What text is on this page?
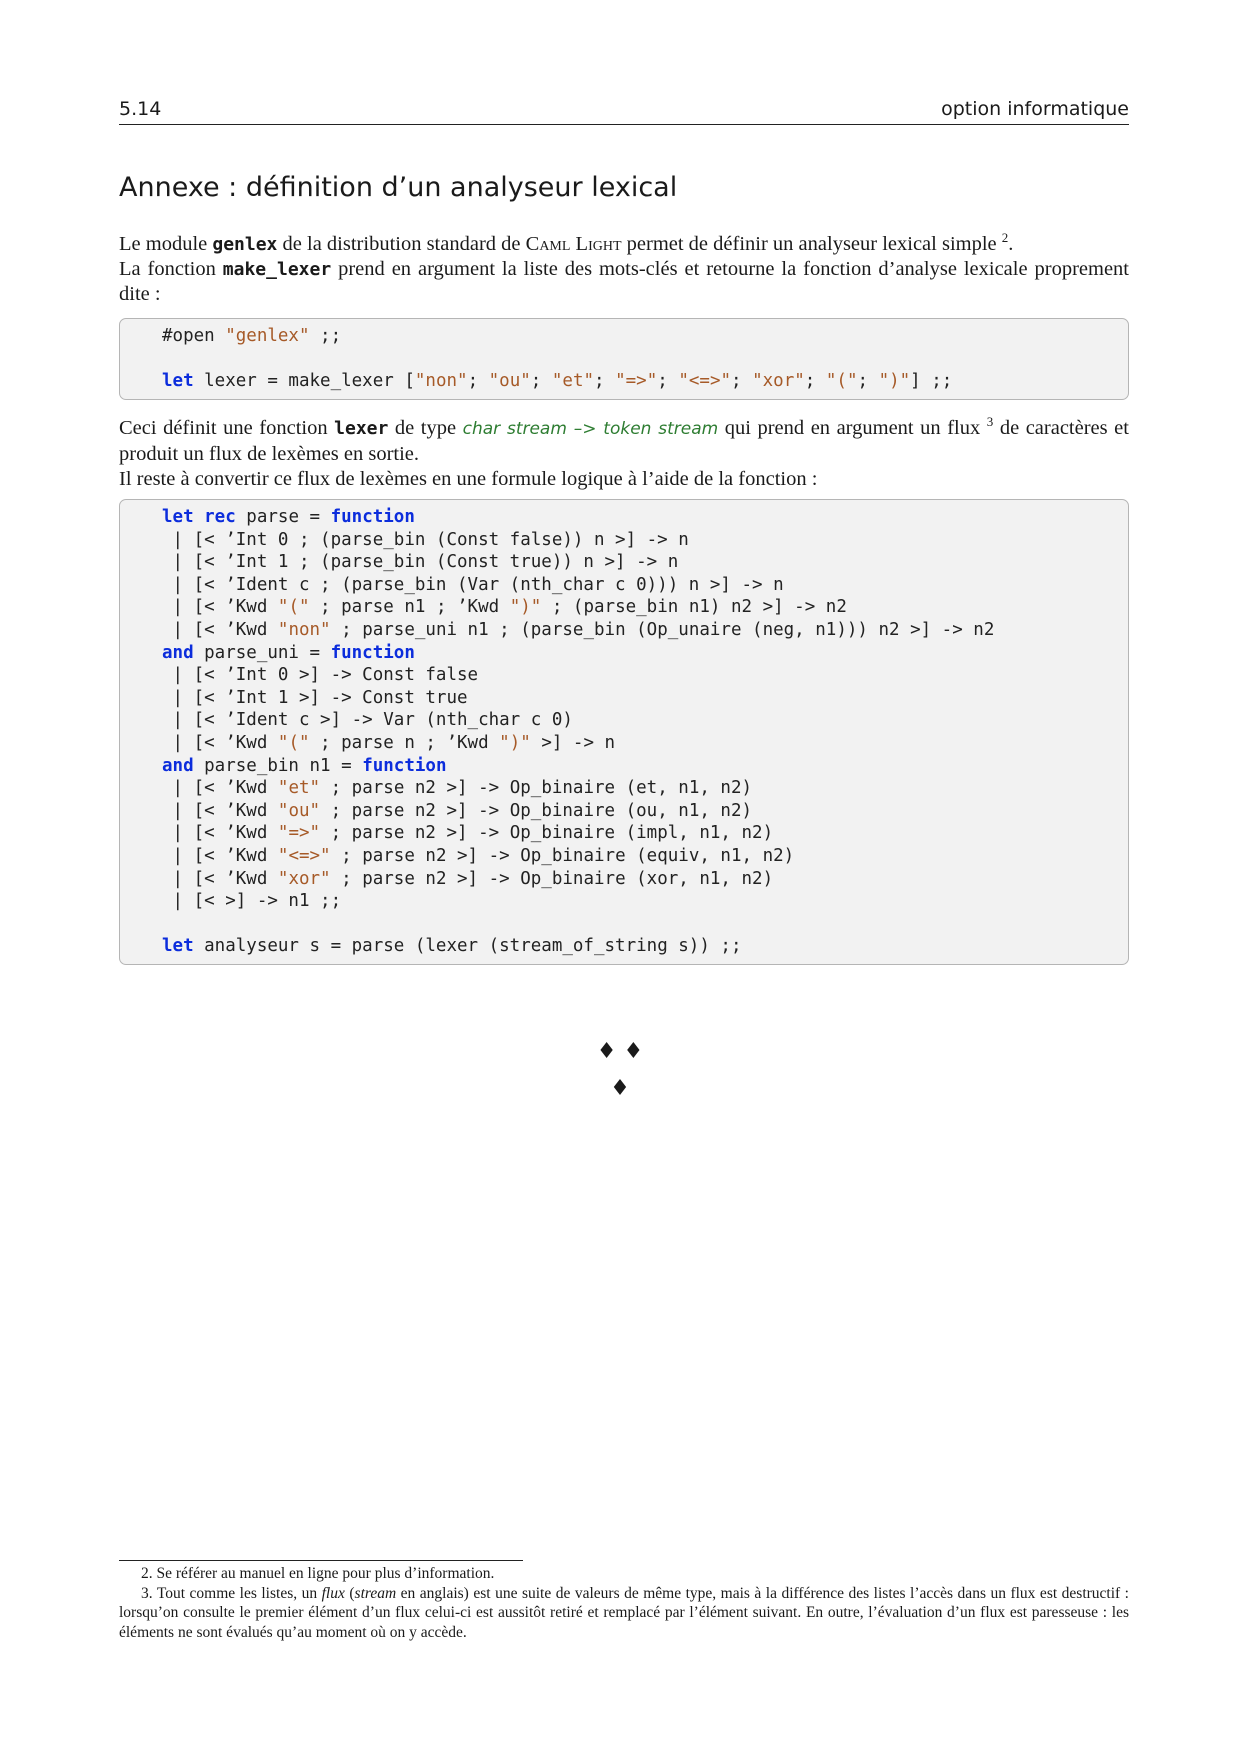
5.14	option informatique
Annexe : définition d’un analyseur lexical

Le module genlex de la distribution standard de Caml Light permet de définir un analyseur lexical simple $^2$.

La fonction make_lexer prend en argument la liste des mots-clés et retourne la fonction d’analyse lexicale proprement dite :

#open "genlex" ;;
let lexer = make_lexer ["non"; "ou"; "et"; "=>"; "<=>"; "xor"; "("; ")"] ;;

Ceci définit une fonction lexer de type char stream –> token stream qui prend en argument un flux $^3$ de caractères et produit un flux de lexèmes en sortie.

Il reste à convertir ce flux de lexèmes en une formule logique à l’aide de la fonction :

let rec parse = function
| [< ’Int 0 ; (parse_bin (Const false)) n >] -> n
| [< ’Int 1 ; (parse_bin (Const true)) n >] -> n
| [< ’Ident c ; (parse_bin (Var (nth_char c 0))) n >] -> n
| [< ’Kwd "(" ; parse n1 ; ’Kwd ")" ; (parse_bin n1) n2 >] -> n2
| [< ’Kwd "non" ; parse_uni n1 ; (parse_bin (Op_unaire (neg, n1))) n2 >] -> n2
and parse_uni = function
| [< ’Int 0 >] -> Const false
| [< ’Int 1 >] -> Const true
| [< ’Ident c >] -> Var (nth_char c 0)
| [< ’Kwd "(" ; parse n ; ’Kwd ")" >] -> n
and parse_bin n1 = function
| [< ’Kwd "et" ; parse n2 >] -> Op_binaire (et, n1, n2)
| [< ’Kwd "ou" ; parse n2 >] -> Op_binaire (ou, n1, n2)
| [< ’Kwd "=>" ; parse n2 >] -> Op_binaire (impl, n1, n2)
| [< ’Kwd "<=>" ; parse n2 >] -> Op_binaire (equiv, n1, n2)
| [< ’Kwd "xor" ; parse n2 >] -> Op_binaire (xor, n1, n2)
| [< >] -> n1 ;;
let analyseur s = parse (lexer (stream_of_string s)) ;;
♦ ♦
♦

2. Se référer au manuel en ligne pour plus d’information.

3. Tout comme les listes, un flux (stream en anglais) est une suite de valeurs de même type, mais à la différence des listes l’accès dans un flux est destructif : lorsqu’on consulte le premier élément d’un flux celui-ci est aussitôt retiré et remplacé par l’élément suivant. En outre, l’évaluation d’un flux est paresseuse : les éléments ne sont évalués qu’au moment où on y accède.
